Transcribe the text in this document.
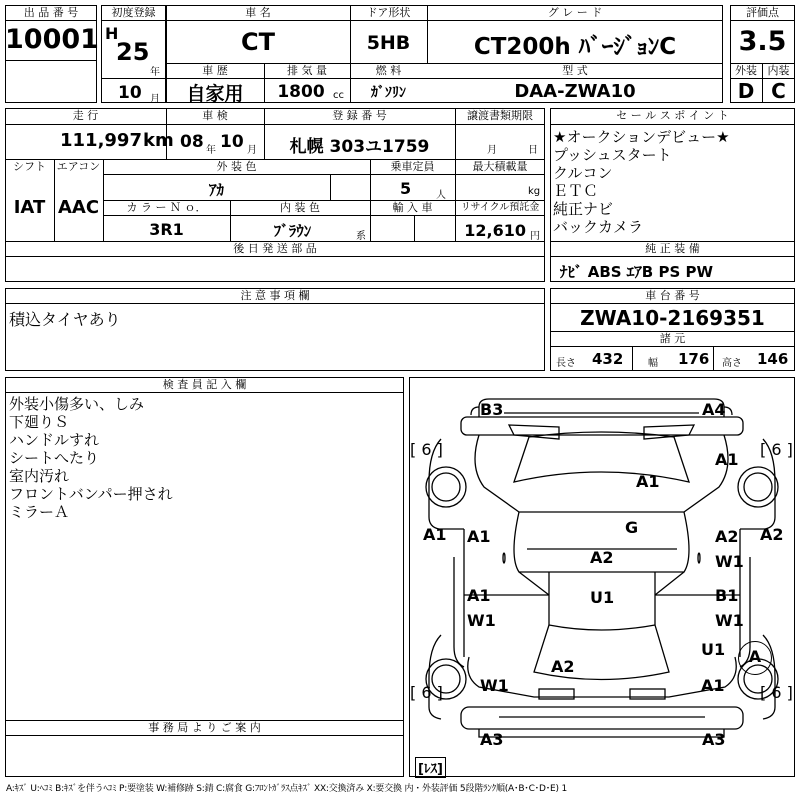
出 品 番 号
10001
初度登録
H
25
年
10 月
車 名
CT
ドア形状
5HB
グ レ ー ド
CT200h ﾊﾞｰｼﾞｮﾝC
車 歴
自家用
排 気 量
1800 cc
燃 料
ｶﾞｿﾘﾝ
型 式
DAA-ZWA10
評価点
3.5
外装
D
内装
C
走 行
111,997 km
車 検
08 年 10 月
登 録 番 号
札幌 303ユ1759
譲渡書類期限
月	日
シフト
IAT
エアコン
AAC
外 装 色
ｱｶ
乗車定員
5 人
最大積載量
kg
カ ラ ー Ｎ ｏ．
3R1
内 装 色
ﾌﾞﾗｳﾝ	系
輸 入 車	リサイクル預託金
12,610 円
後 日 発 送 部 品
セ ー ル ス ポ イ ン ト
★オークションデビュー★
プッシュスタート
クルコン
ＥＴＣ
純正ナビ
バックカメラ
純 正 装 備
ﾅﾋﾞ ABS ｴｱB PS PW
注 意 事 項 欄
積込タイヤあり
車 台 番 号
ZWA10-2169351
諸 元
長さ 432 幅 176 高さ 146
検 査 員 記 入 欄
外装小傷多い、しみ
下廻りＳ
ハンドルすれ
シートへたり
室内汚れ
フロントバンパー押され
ミラーＡ
事 務 局 よ り ご 案 内
B3	A4
[ 6 ]	[ 6 ]
A1
A1
G
A1	A2
A1	A2
W1
A2
U1
A1
W1
B1
W1
U1	A
A2
W1	A1
[ 6 ]	[ 6 ]
A3	A3
[ﾚｽ]
A:ｷｽﾞ U:ﾍｺﾐ B:ｷｽﾞを伴うﾍｺﾐ P:要塗装 W:補修跡 S:錆 C:腐食 G:ﾌﾛﾝﾄｶﾞﾗｽ点ｷｽﾞ XX:交換済み X:要交換 内・外装評価 5段階ﾗﾝｸ順(A･B･C･D･E) 1
